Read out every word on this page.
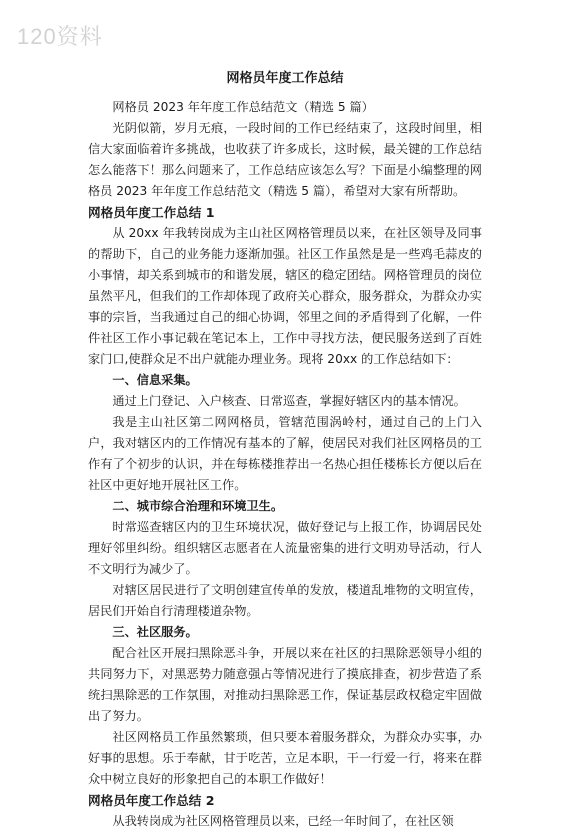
120资料
网格员年度工作总结

网格员 2023 年年度工作总结范文（精选 5 篇）

光阴似箭，岁月无痕，一段时间的工作已经结束了，这段时间里，相信大家面临着许多挑战，也收获了许多成长，这时候，最关键的工作总结怎么能落下！那么问题来了，工作总结应该怎么写？下面是小编整理的网格员 2023 年年度工作总结范文（精选 5 篇），希望对大家有所帮助。

网格员年度工作总结 1

从 20xx 年我转岗成为主山社区网格管理员以来，在社区领导及同事的帮助下，自己的业务能力逐渐加强。社区工作虽然是是一些鸡毛蒜皮的小事情，却关系到城市的和谐发展，辖区的稳定团结。网格管理员的岗位虽然平凡，但我们的工作却体现了政府关心群众，服务群众，为群众办实事的宗旨，当我通过自己的细心协调，邻里之间的矛盾得到了化解，一件件社区工作小事记载在笔记本上，工作中寻找方法，便民服务送到了百姓家门口,使群众足不出户就能办理业务。现将 20xx 的工作总结如下：

一、信息采集。

通过上门登记、入户核查、日常巡查，掌握好辖区内的基本情况。

我是主山社区第二网网格员，管辖范围涡岭村，通过自己的上门入户，我对辖区内的工作情况有基本的了解，使居民对我们社区网格员的工作有了个初步的认识，并在每栋楼推荐出一名热心担任楼栋长方便以后在社区中更好地开展社区工作。

二、城市综合治理和环境卫生。

时常巡查辖区内的卫生环境状况，做好登记与上报工作，协调居民处理好邻里纠纷。组织辖区志愿者在人流量密集的进行文明劝导活动，行人不文明行为减少了。

对辖区居民进行了文明创建宣传单的发放，楼道乱堆物的文明宣传，居民们开始自行清理楼道杂物。

三、社区服务。

配合社区开展扫黑除恶斗争，开展以来在社区的扫黑除恶领导小组的共同努力下，对黑恶势力随意强占等情况进行了摸底排查，初步营造了系统扫黑除恶的工作氛围，对推动扫黑除恶工作，保证基层政权稳定牢固做出了努力。

社区网格员工作虽然繁琐，但只要本着服务群众，为群众办实事，办好事的思想。乐于奉献，甘于吃苦，立足本职，干一行爱一行，将来在群众中树立良好的形象把自己的本职工作做好！

网格员年度工作总结 2

从我转岗成为社区网格管理员以来，已经一年时间了，在社区领
